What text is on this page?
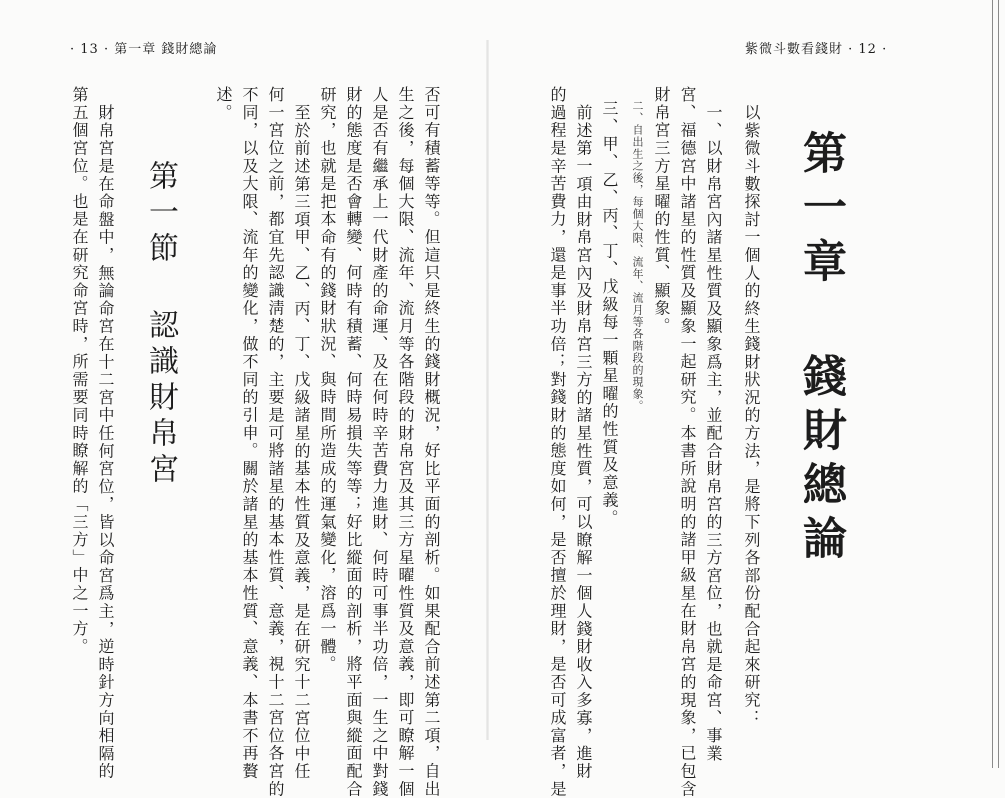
· 13 · 第一章 錢財總論
否可有積蓄等等。但這只是終生的錢財概況，好比平面的剖析。如果配合前述第二項，自出
生之後，每個大限、流年、流月等各階段的財帛宮及其三方星曜性質及意義，即可瞭解一個
人是否有繼承上一代財產的命運、及在何時辛苦費力進財、何時可事半功倍，一生之中對錢
財的態度是否會轉變、何時有積蓄、何時易損失等等；好比縱面的剖析，將平面與縱面配合
研究，也就是把本命有的錢財狀況、與時間所造成的運氣變化，溶爲一體。
至於前述第三項甲、乙、丙、丁、戊級諸星的基本性質及意義，是在研究十二宮位中任
何一宮位之前，都宜先認識淸楚的，主要是可將諸星的基本性質、意義，視十二宮位各宮的
不同，以及大限、流年的變化，做不同的引申。關於諸星的基本性質、意義、本書不再贅
述。
第一節 認識財帛宮
財帛宮是在命盤中，無論命宮在十二宮中任何宮位，皆以命宮爲主，逆時針方向相隔的
第五個宮位。也是在研究命宮時，所需要同時瞭解的「三方」中之一方。
紫微斗數看錢財 · 12 ·
第一章 錢財總論
以紫微斗數探討一個人的終生錢財狀況的方法，是將下列各部份配合起來研究：
一、以財帛宮內諸星性質及顯象爲主，並配合財帛宮的三方宮位，也就是命宮、事業
宮、福德宮中諸星的性質及顯象一起研究。本書所說明的諸甲級星在財帛宮的現象，已包含
財帛宮三方星曜的性質、顯象。
二、自出生之後，每個大限、流年、流月等各階段的現象。
三、甲、乙、丙、丁、戊級每一顆星曜的性質及意義。
前述第一項由財帛宮內及財帛宮三方的諸星性質，可以瞭解一個人錢財收入多寡，進財
的過程是辛苦費力，還是事半功倍；對錢財的態度如何，是否擅於理財，是否可成富者，是
